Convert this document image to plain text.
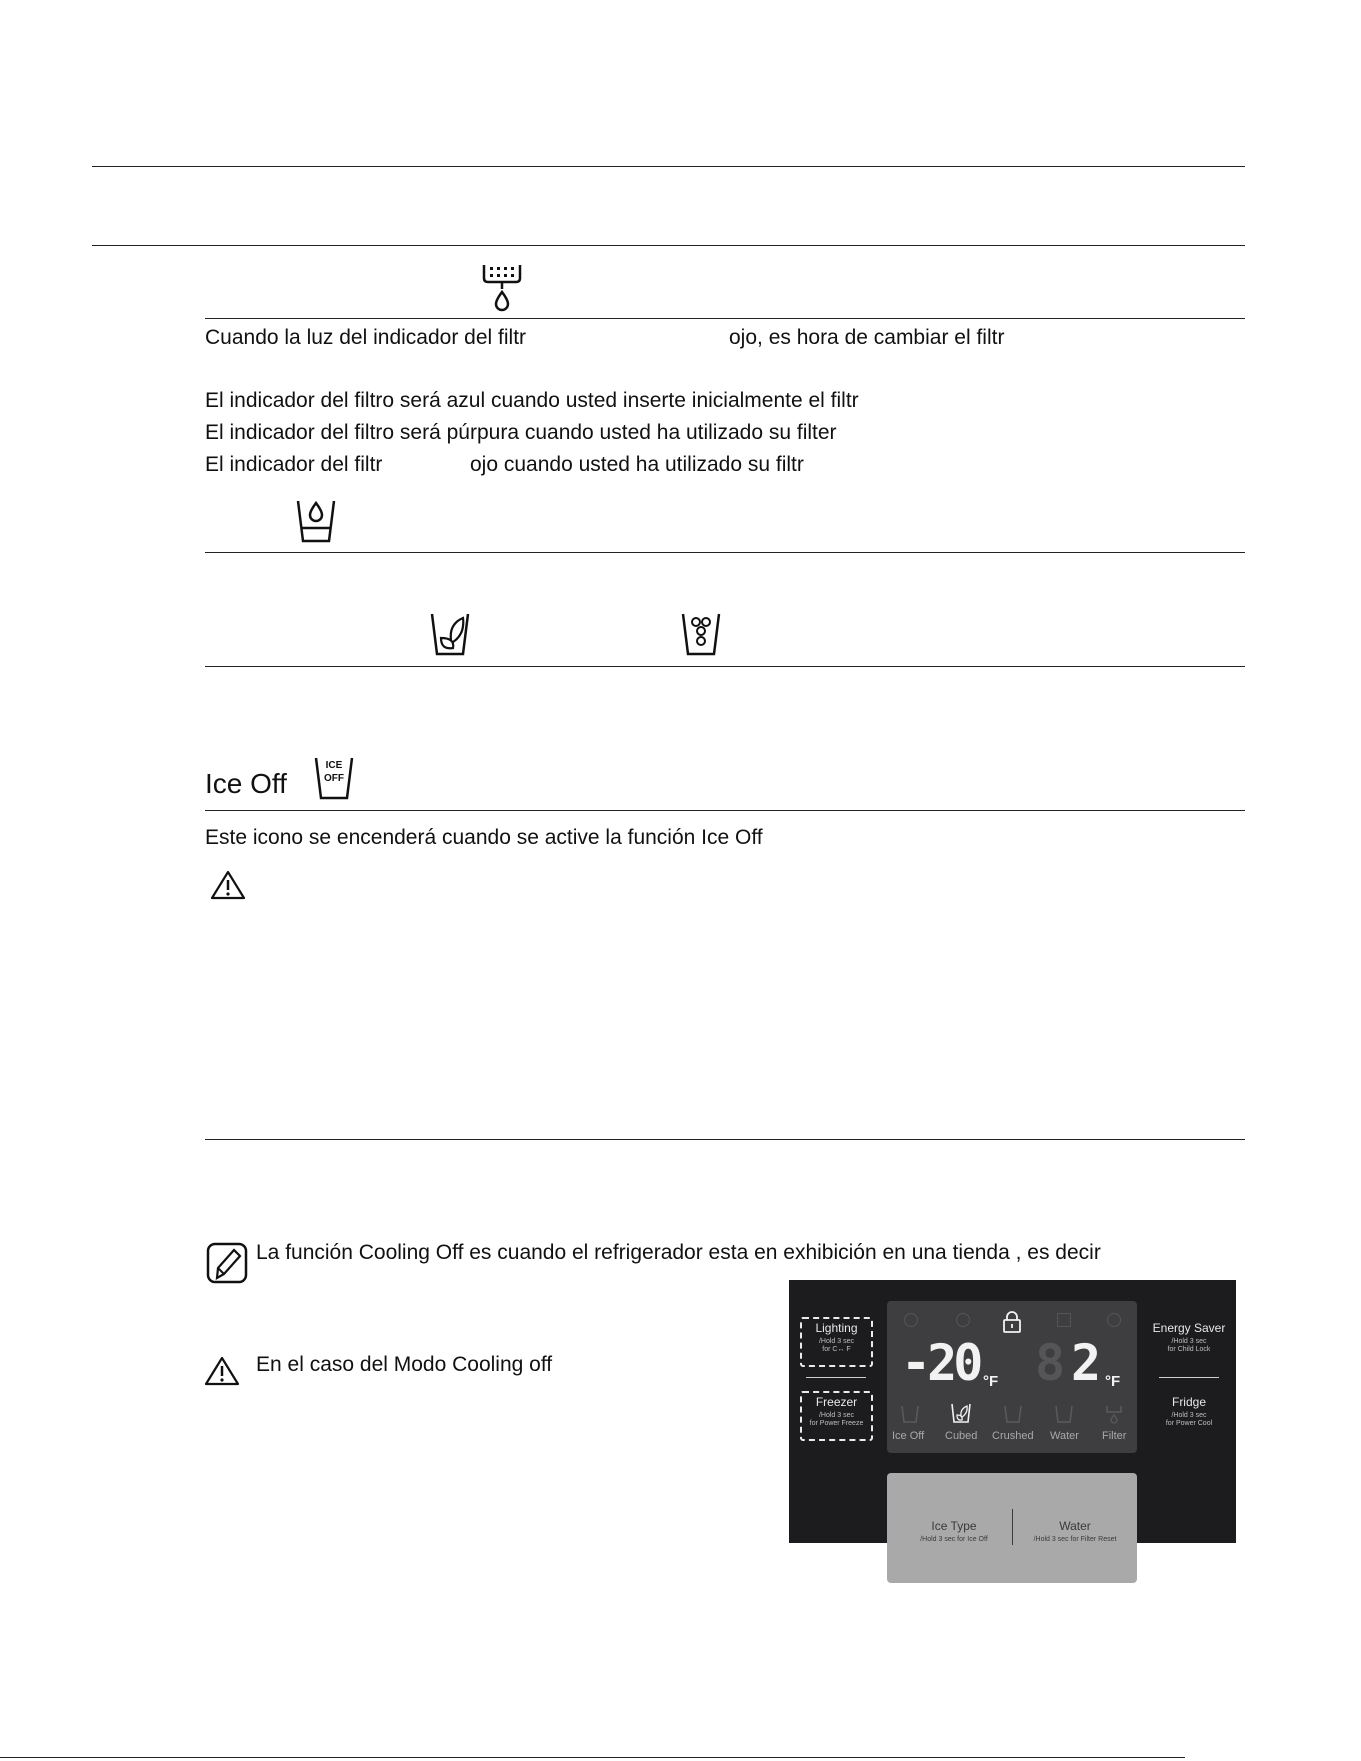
Cuando la luz del indicador del filtr	ojo, es hora de cambiar el filtr
El indicador del filtro será azul cuando usted inserte inicialmente el filtr
El indicador del filtro será púrpura cuando usted ha utilizado su filter
El indicador del filtr	ojo cuando usted ha utilizado su filtr
Ice Off
ICE
OFF
Este icono se encenderá cuando se active la función Ice Off
La función Cooling Off es cuando el refrigerador esta en exhibición en una tienda , es decir
En el caso del Modo Cooling off
Lighting
/Hold 3 sec
for C↔ F
Freezer
/Hold 3 sec
for Power Freeze
Energy Saver
/Hold 3 sec
for Child Lock
Fridge
/Hold 3 sec
for Power Cool
-20 °F 8 2 °F
Ice Off Cubed Crushed Water Filter
Ice Type
/Hold 3 sec for Ice Off
Water
/Hold 3 sec for Filter Reset
